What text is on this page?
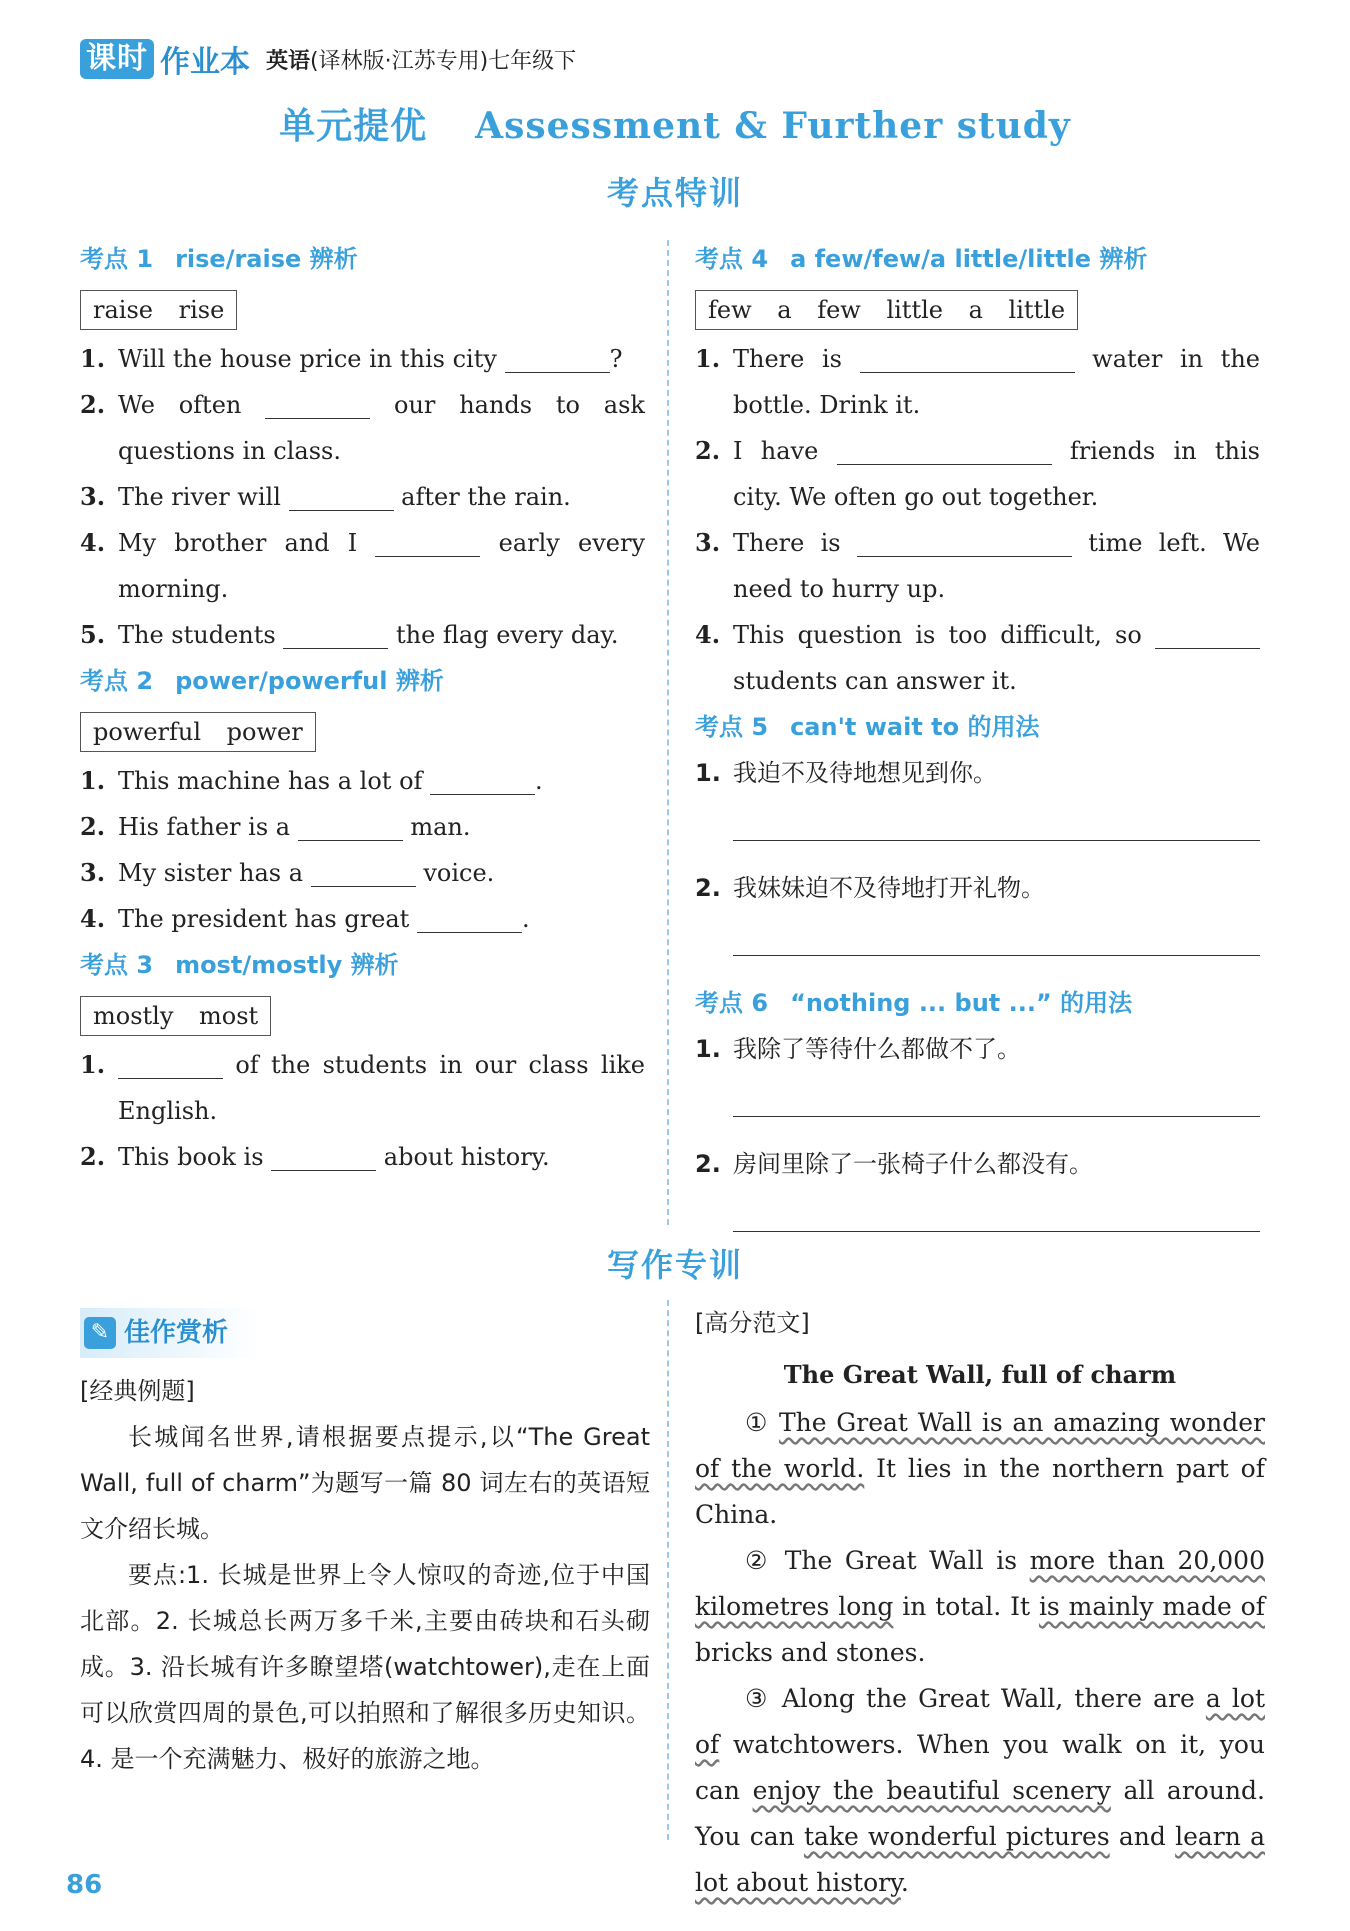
课时 作业本 英语(译林版·江苏专用)七年级下
单元提优 Assessment & Further study
考点特训

考点 1 rise/raise 辨析

raise rise
1. Will the house price in this city	?
2. We often	our hands to ask questions in class.
3. The river will	after the rain.
4. My brother and I	early every morning.
5. The students	the flag every day.

考点 2 power/powerful 辨析

powerful power
1. This machine has a lot of	.
2. His father is a	man.
3. My sister has a	voice.
4. The president has great	.

考点 3 most/mostly 辨析

mostly most
1.	of the students in our class like English.
2. This book is	about history.

考点 4 a few/few/a little/little 辨析

few a few little a little
1. There is	water in the bottle. Drink it.
2. I have	friends in this city. We often go out together.
3. There is	time left. We need to hurry up.
4. This question is too difficult, so  students can answer it.

考点 5 can't wait to 的用法

1. 我迫不及待地想见到你。
2. 我妹妹迫不及待地打开礼物。

考点 6 “nothing ... but ...” 的用法

1. 我除了等待什么都做不了。
2. 房间里除了一张椅子什么都没有。
写作专训
✎ 佳作赏析
[经典例题]
长城闻名世界,请根据要点提示,以“The Great Wall, full of charm”为题写一篇 80 词左右的英语短文介绍长城。
要点:1. 长城是世界上令人惊叹的奇迹,位于中国北部。2. 长城总长两万多千米,主要由砖块和石头砌成。3. 沿长城有许多瞭望塔(watchtower),走在上面可以欣赏四周的景色,可以拍照和了解很多历史知识。4. 是一个充满魅力、极好的旅游之地。
[高分范文]
The Great Wall, full of charm
① The Great Wall is an amazing wonder of the world. It lies in the northern part of China.
② The Great Wall is more than 20,000 kilometres long in total. It is mainly made of bricks and stones.
③ Along the Great Wall, there are a lot of watchtowers. When you walk on it, you can enjoy the beautiful scenery all around. You can take wonderful pictures and learn a lot about history.
86
